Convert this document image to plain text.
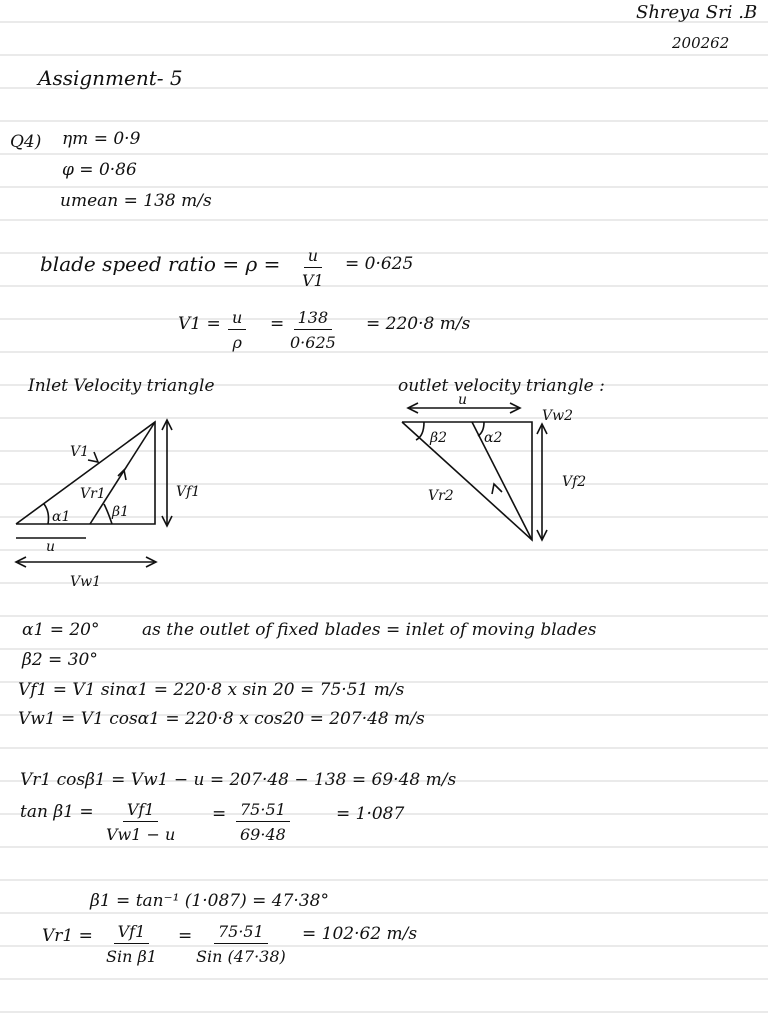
Shreya Sri .B
200262
Assignment- 5
Q4) ηm = 0·9
φ = 0·86
umean = 138 m/s
blade speed ratio = $\rho = \frac{u}{V1} = 0\cdot 625$
$V1 = \frac{u}{\rho} = \frac{138}{0\cdot 625} = 220\cdot 8$ m/s
Inlet Velocity triangle
V1
Vr1
α1	β1
Vf1
u
Vw1
outlet velocity triangle :
u
Vw2
β2	α2
Vr2
Vf2
α1 = 20°	as the outlet of fixed blades = inlet of moving blades
β2 = 30°
Vf1 = V1 sinα1 = 220·8 x sin 20 = 75·51 m/s
Vw1 = V1 cosα1 = 220·8 x cos20 = 207·48 m/s
Vr1 cosβ1 = Vw1 − u = 207·48 − 138 = 69·48 m/s
$\tan \beta 1 = \frac{Vf1}{Vw1 - u} = \frac{75\cdot 51}{69\cdot 48}$	= 1·087
β1 = tan⁻¹ (1·087) = 47·38°
Vr1 = Vf1
Sin β1
= 75·51
Sin (47·38)
= 102·62 m/s
